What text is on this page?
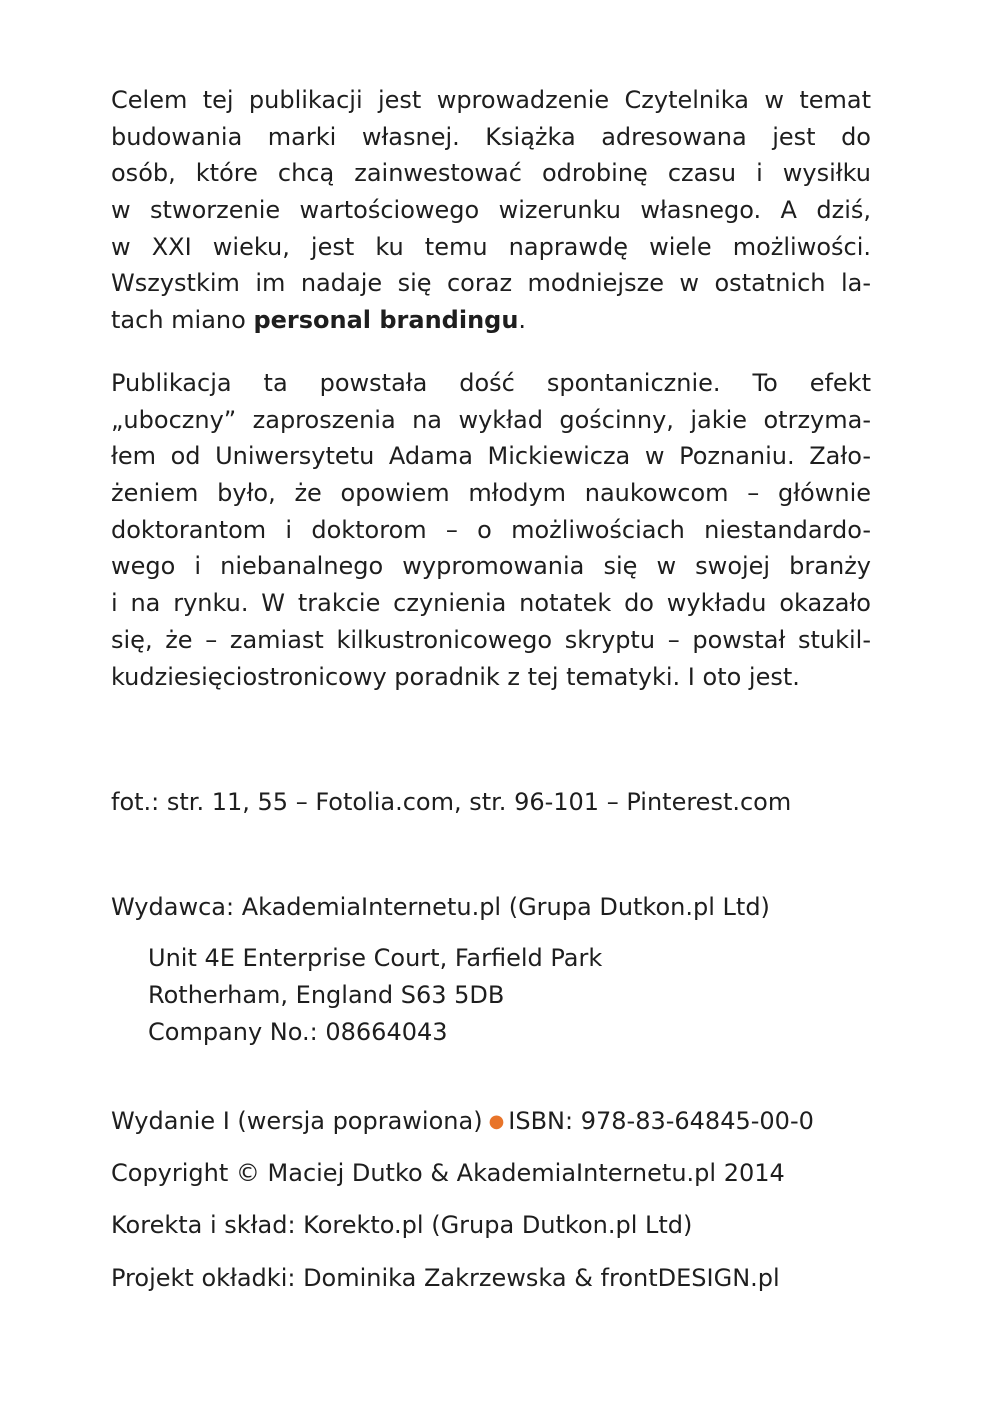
Celem tej publikacji jest wprowadzenie Czytelnika w temat
budowania marki własnej. Książka adresowana jest do
osób, które chcą zainwestować odrobinę czasu i wysiłku
w stworzenie wartościowego wizerunku własnego. A dziś,
w XXI wieku, jest ku temu naprawdę wiele możliwości.
Wszystkim im nadaje się coraz modniejsze w ostatnich la-
tach miano personal brandingu.
Publikacja ta powstała dość spontanicznie. To efekt
„uboczny” zaproszenia na wykład gościnny, jakie otrzyma-
łem od Uniwersytetu Adama Mickiewicza w Poznaniu. Zało-
żeniem było, że opowiem młodym naukowcom – głównie
doktorantom i doktorom – o możliwościach niestandardo-
wego i niebanalnego wypromowania się w swojej branży
i na rynku. W trakcie czynienia notatek do wykładu okazało
się, że – zamiast kilkustronicowego skryptu – powstał stukil-
kudziesięciostronicowy poradnik z tej tematyki. I oto jest.

fot.: str. 11, 55 – Fotolia.com, str. 96-101 – Pinterest.com

Wydawca: AkademiaInternetu.pl (Grupa Dutkon.pl Ltd)

Unit 4E Enterprise Court, Farfield Park

Rotherham, England S63 5DB

Company No.: 08664043

Wydanie I (wersja poprawiona) ● ISBN: 978-83-64845-00-0

Copyright © Maciej Dutko & AkademiaInternetu.pl 2014

Korekta i skład: Korekto.pl (Grupa Dutkon.pl Ltd)

Projekt okładki: Dominika Zakrzewska & frontDESIGN.pl
